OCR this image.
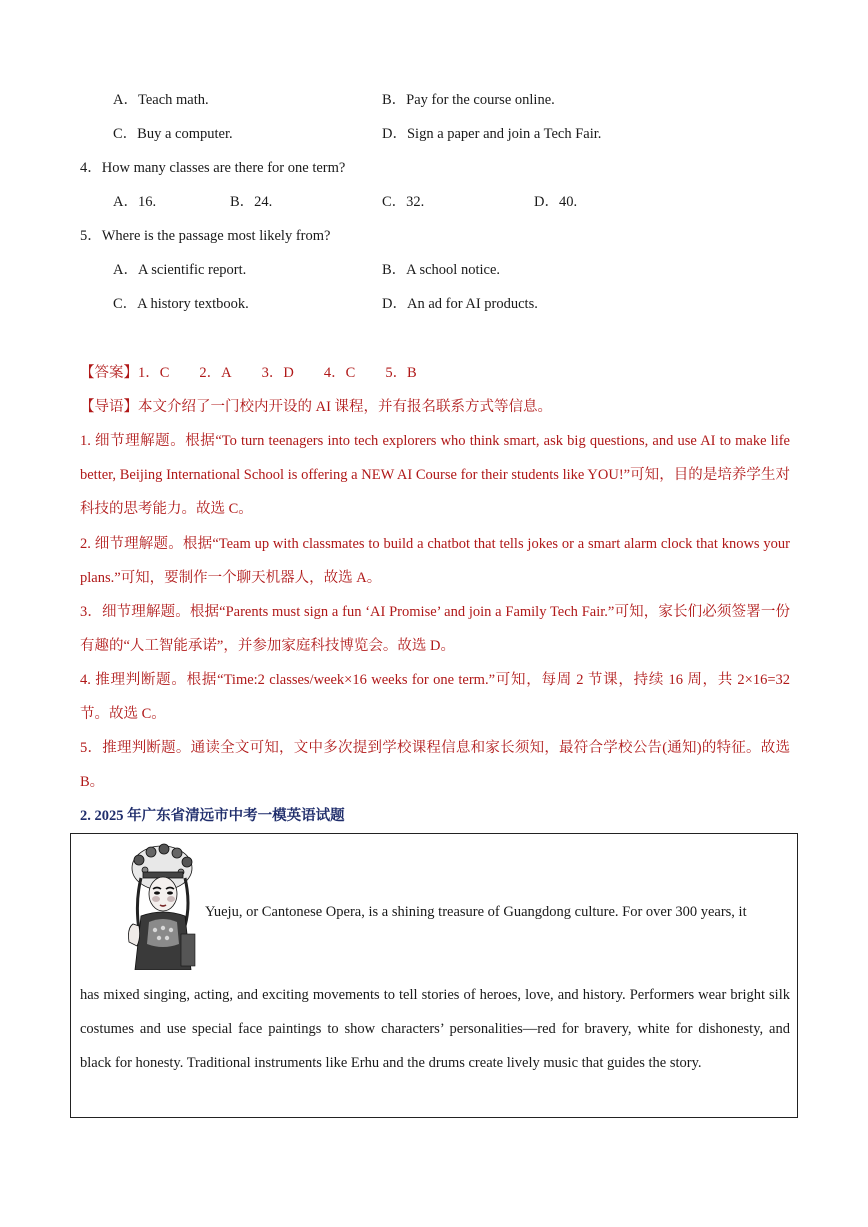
A．Teach math.	B．Pay for the course online.
C．Buy a computer.	D．Sign a paper and join a Tech Fair.
4．How many classes are there for one term?
A．16.	B．24.	C．32.	D．40.
5．Where is the passage most likely from?
A．A scientific report.	B．A school notice.
C．A history textbook.	D．An ad for AI products.
【答案】1．C 2．A 3．D 4．C 5．B
【导语】本文介绍了一门校内开设的 AI 课程，并有报名联系方式等信息。
1. 细节理解题。根据“To turn teenagers into tech explorers who think smart, ask big questions, and use AI to make life better, Beijing International School is offering a NEW AI Course for their students like YOU!”可知，目的是培养学生对科技的思考能力。故选 C。
2. 细节理解题。根据“Team up with classmates to build a chatbot that tells jokes or a smart alarm clock that knows your plans.”可知，要制作一个聊天机器人，故选 A。
3．细节理解题。根据“Parents must sign a fun ‘AI Promise’ and join a Family Tech Fair.”可知，家长们必须签署一份有趣的“人工智能承诺”，并参加家庭科技博览会。故选 D。
4. 推理判断题。根据“Time:2 classes/week×16 weeks for one term.”可知，每周 2 节课，持续 16 周，共 2×16=32 节。故选 C。
5．推理判断题。通读全文可知，文中多次提到学校课程信息和家长须知，最符合学校公告(通知)的特征。故选 B。
2. 2025 年广东省清远市中考一模英语试题
Yueju, or Cantonese Opera, is a shining treasure of Guangdong culture. For over 300 years, it
has mixed singing, acting, and exciting movements to tell stories of heroes, love, and history. Performers wear bright silk costumes and use special face paintings to show characters’ personalities—red for bravery, white for dishonesty, and black for honesty. Traditional instruments like Erhu and the drums create lively music that guides the story.
